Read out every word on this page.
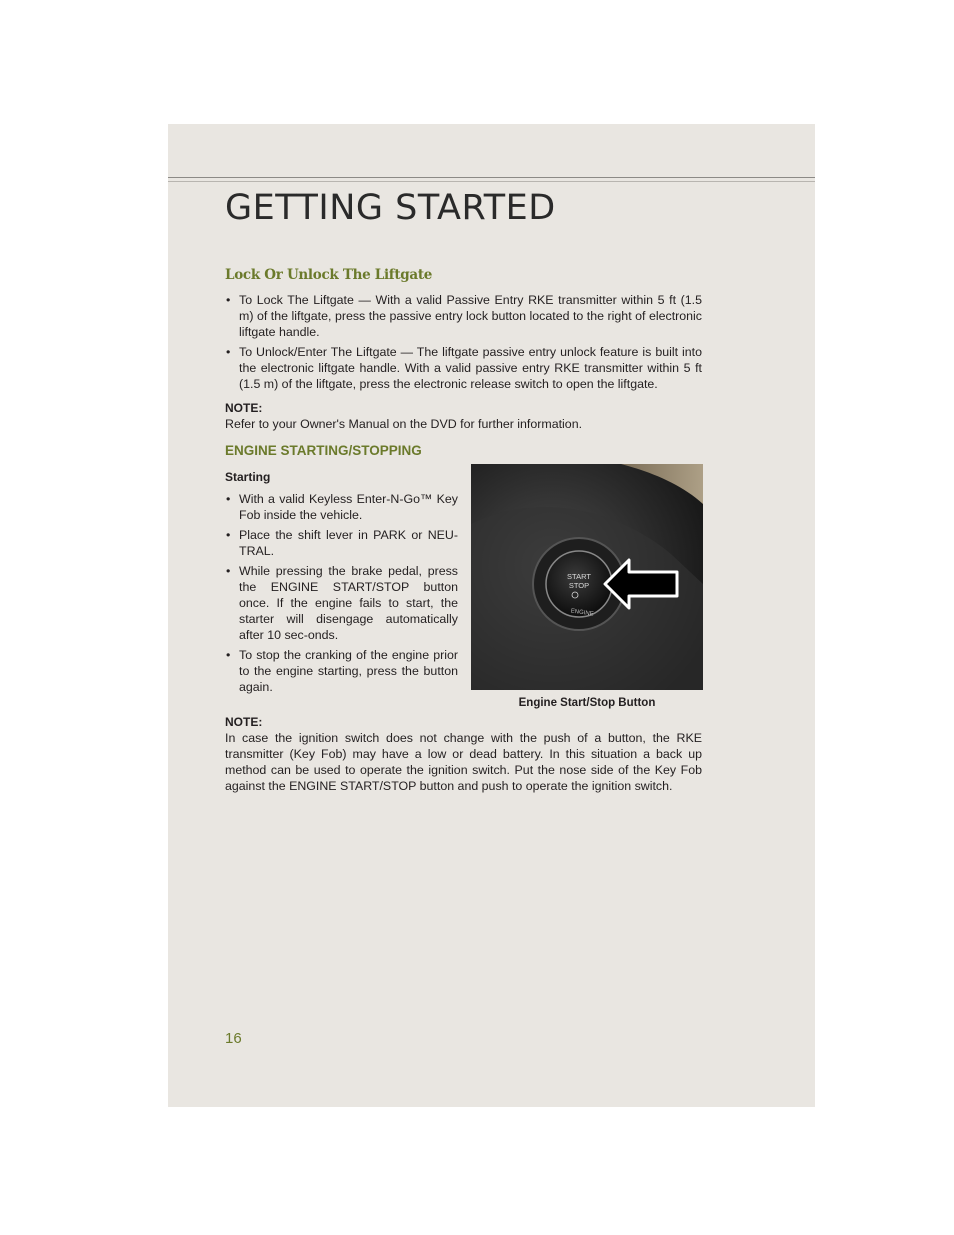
GETTING STARTED
Lock Or Unlock The Liftgate
• To Lock The Liftgate — With a valid Passive Entry RKE transmitter within 5 ft (1.5 m) of the liftgate, press the passive entry lock button located to the right of electronic liftgate handle.
• To Unlock/Enter The Liftgate — The liftgate passive entry unlock feature is built into the electronic liftgate handle. With a valid passive entry RKE transmitter within 5 ft (1.5 m) of the liftgate, press the electronic release switch to open the liftgate.
NOTE:
Refer to your Owner's Manual on the DVD for further information.
ENGINE STARTING/STOPPING
Starting
• With a valid Keyless Enter-N-Go™ Key Fob inside the vehicle.
• Place the shift lever in PARK or NEU-TRAL.
• While pressing the brake pedal, press the ENGINE START/STOP button once. If the engine fails to start, the starter will disengage automatically after 10 sec-onds.
• To stop the cranking of the engine prior to the engine starting, press the button again.
START
STOP
ENGINE
Engine Start/Stop Button
NOTE:
In case the ignition switch does not change with the push of a button, the RKE transmitter (Key Fob) may have a low or dead battery. In this situation a back up method can be used to operate the ignition switch. Put the nose side of the Key Fob against the ENGINE START/STOP button and push to operate the ignition switch.
16
